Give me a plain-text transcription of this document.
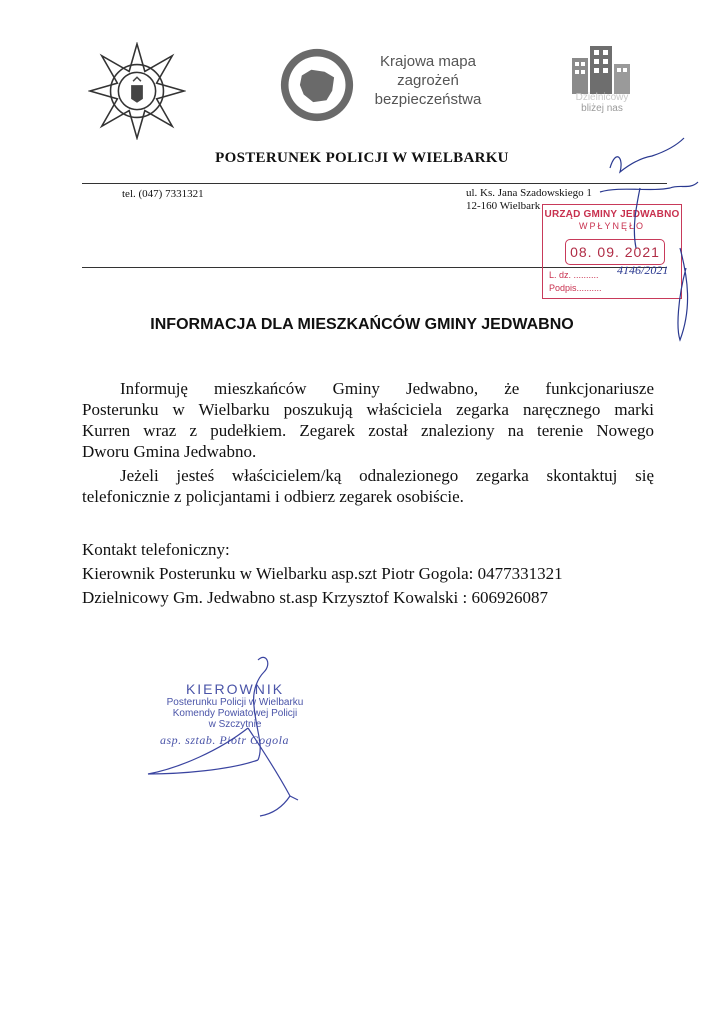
Krajowa mapa
zagrożeń
bezpieczeństwa	Dzielnicowy
bliżej nas
POSTERUNEK POLICJI W WIELBARKU
tel. (047) 7331321	ul. Ks. Jana Szadowskiego 1
12-160 Wielbark
URZĄD GMINY JEDWABNO
WPŁYNĘŁO
08. 09. 2021
L. dz. .......... 4146/2021
Podpis..........
INFORMACJA DLA MIESZKAŃCÓW GMINY JEDWABNO
Informuję mieszkańców Gminy Jedwabno, że funkcjonariusze
Posterunku w Wielbarku poszukują właściciela zegarka naręcznego marki
Kurren wraz z pudełkiem. Zegarek został znaleziony na terenie Nowego
Dworu Gmina Jedwabno.
Jeżeli jesteś właścicielem/ką odnalezionego zegarka skontaktuj się
telefonicznie z policjantami i odbierz zegarek osobiście.
Kontakt telefoniczny:
Kierownik Posterunku w Wielbarku asp.szt Piotr Gogola: 0477331321
Dzielnicowy Gm. Jedwabno st.asp Krzysztof Kowalski : 606926087
KIEROWNIK
Posterunku Policji w Wielbarku
Komendy Powiatowej Policji
w Szczytnie
asp. sztab. Piotr Gogola
